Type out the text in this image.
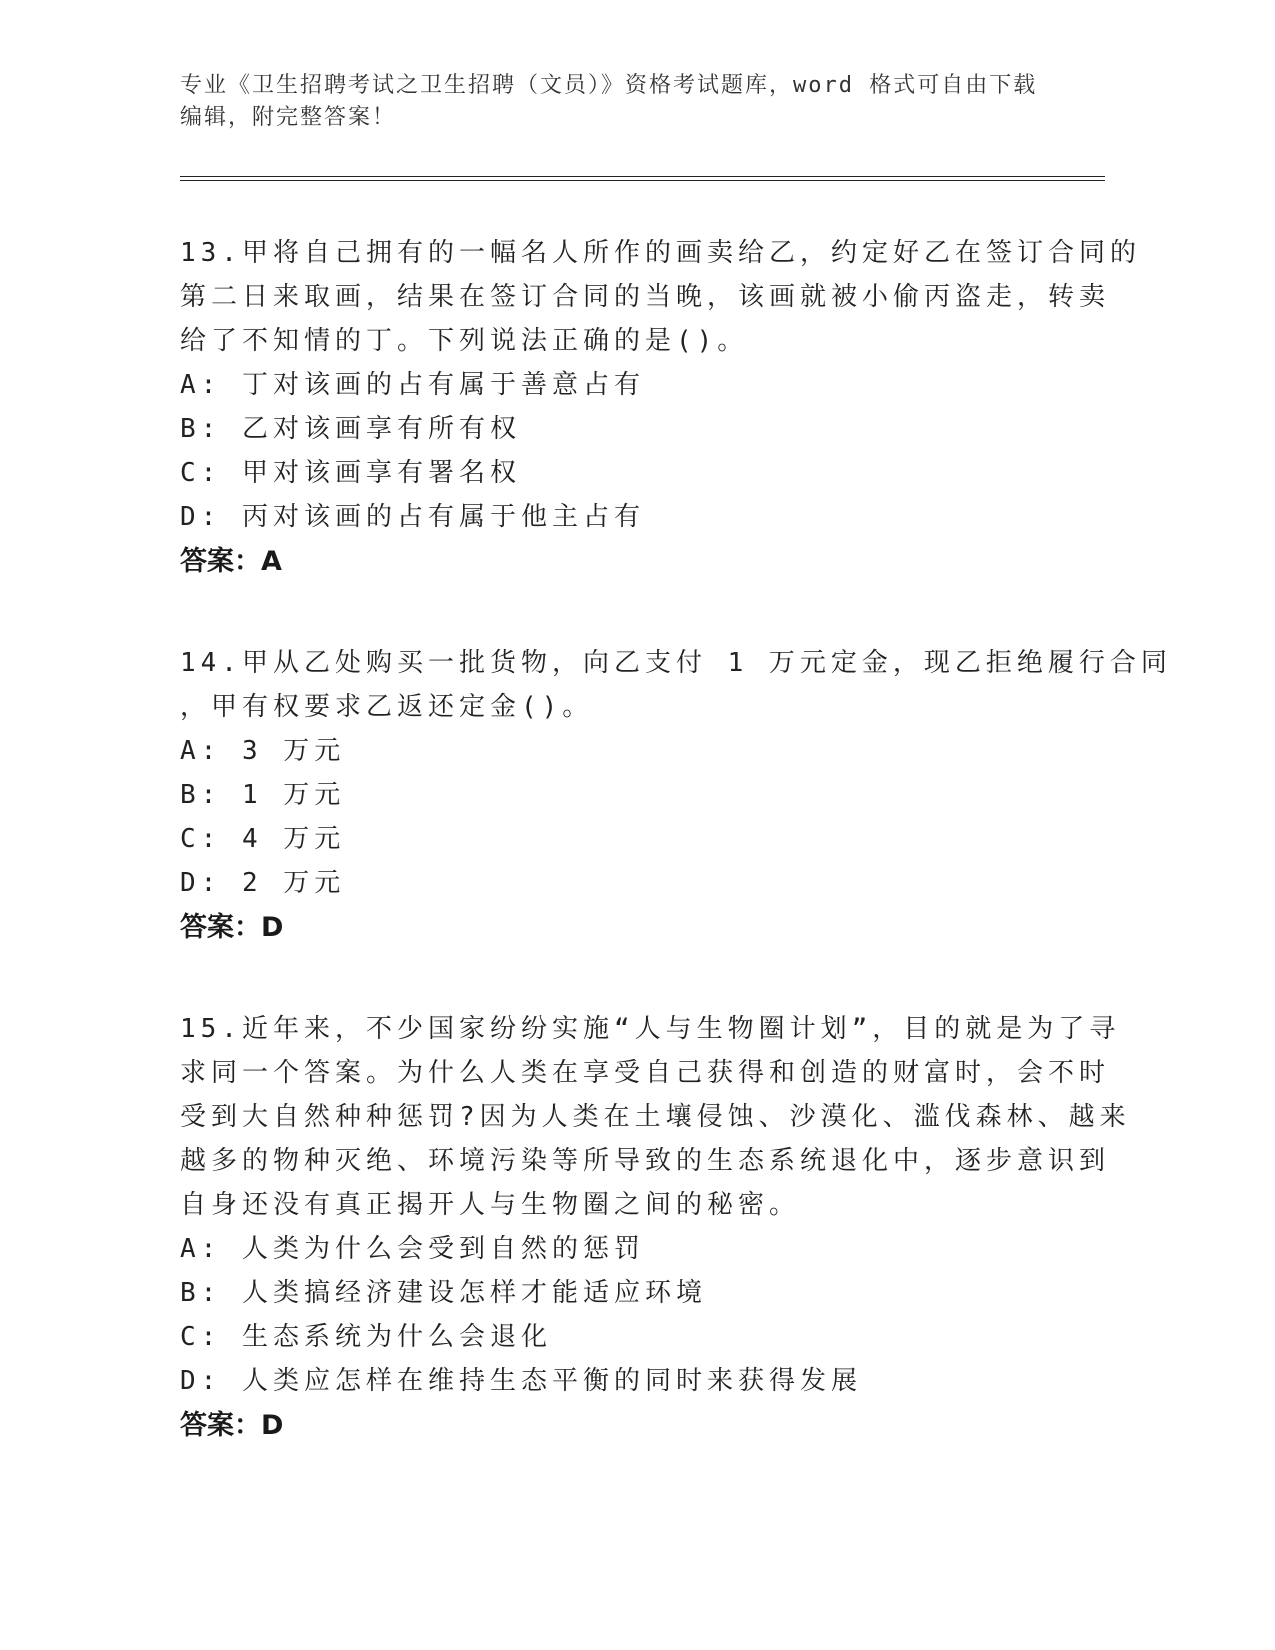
专业《卫生招聘考试之卫生招聘（文员）》资格考试题库，word 格式可自由下载
编辑，附完整答案！
13.甲将自己拥有的一幅名人所作的画卖给乙，约定好乙在签订合同的
第二日来取画，结果在签订合同的当晚，该画就被小偷丙盗走，转卖
给了不知情的丁。下列说法正确的是()。
A: 丁对该画的占有属于善意占有
B: 乙对该画享有所有权
C: 甲对该画享有署名权
D: 丙对该画的占有属于他主占有
答案：A
14.甲从乙处购买一批货物，向乙支付 1 万元定金，现乙拒绝履行合同
，甲有权要求乙返还定金()。
A: 3 万元
B: 1 万元
C: 4 万元
D: 2 万元
答案：D
15.近年来，不少国家纷纷实施“人与生物圈计划”，目的就是为了寻
求同一个答案。为什么人类在享受自己获得和创造的财富时，会不时
受到大自然种种惩罚?因为人类在土壤侵蚀、沙漠化、滥伐森林、越来
越多的物种灭绝、环境污染等所导致的生态系统退化中，逐步意识到
自身还没有真正揭开人与生物圈之间的秘密。
A: 人类为什么会受到自然的惩罚
B: 人类搞经济建设怎样才能适应环境
C: 生态系统为什么会退化
D: 人类应怎样在维持生态平衡的同时来获得发展
答案：D
